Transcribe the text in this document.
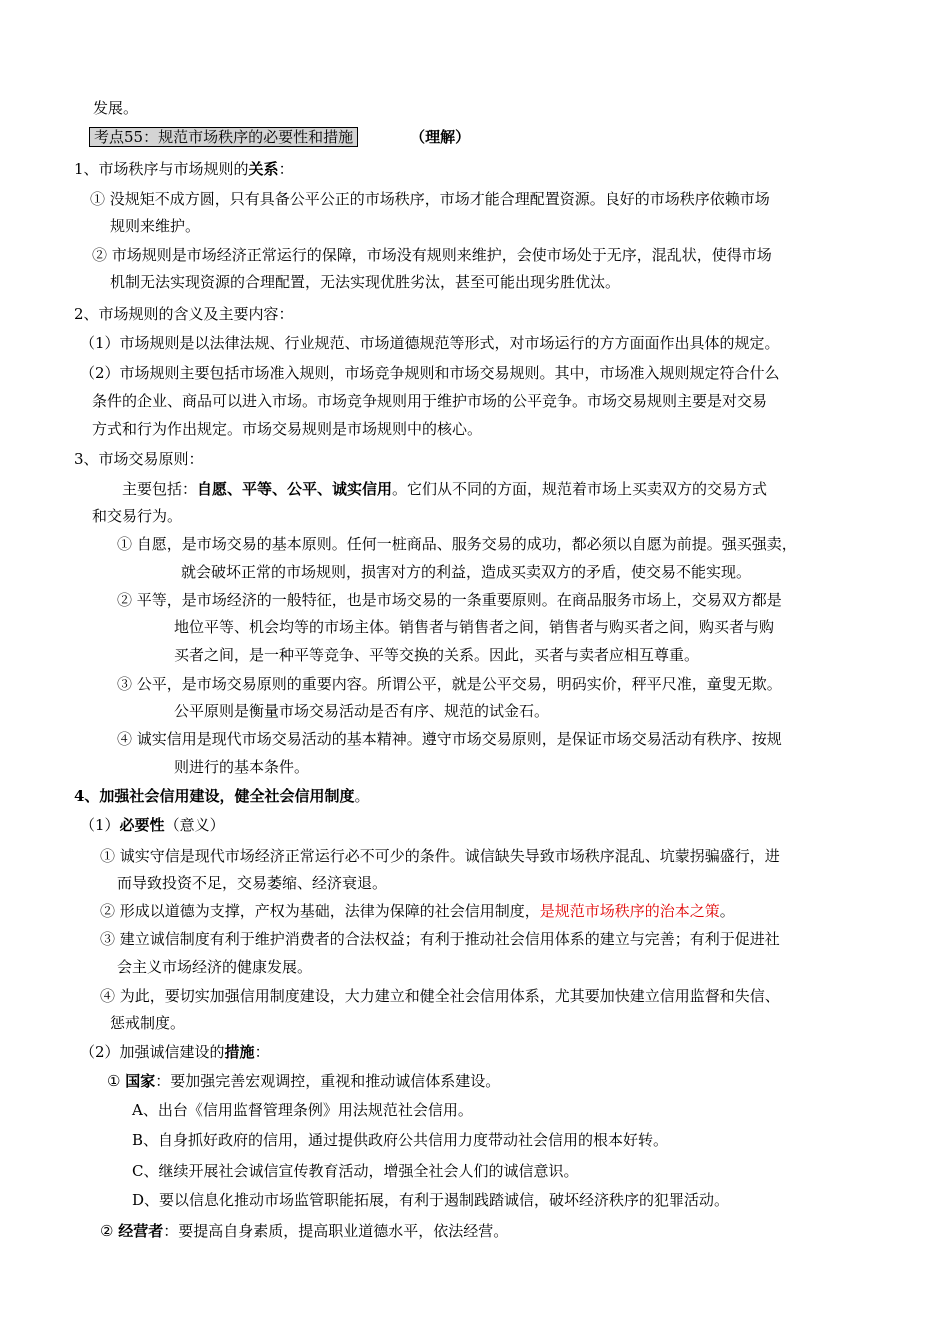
发展。
考点55：规范市场秩序的必要性和措施	（理解）
1、市场秩序与市场规则的关系：
① 没规矩不成方圆，只有具备公平公正的市场秩序，市场才能合理配置资源。良好的市场秩序依赖市场
规则来维护。
② 市场规则是市场经济正常运行的保障，市场没有规则来维护，会使市场处于无序，混乱状，使得市场
机制无法实现资源的合理配置，无法实现优胜劣汰，甚至可能出现劣胜优汰。
2、市场规则的含义及主要内容：
（1）市场规则是以法律法规、行业规范、市场道德规范等形式，对市场运行的方方面面作出具体的规定。
（2）市场规则主要包括市场准入规则，市场竞争规则和市场交易规则。其中，市场准入规则规定符合什么
条件的企业、商品可以进入市场。市场竞争规则用于维护市场的公平竞争。市场交易规则主要是对交易
方式和行为作出规定。市场交易规则是市场规则中的核心。
3、市场交易原则：
主要包括：自愿、平等、公平、诚实信用。它们从不同的方面，规范着市场上买卖双方的交易方式
和交易行为。
① 自愿，是市场交易的基本原则。任何一桩商品、服务交易的成功，都必须以自愿为前提。强买强卖，
就会破坏正常的市场规则，损害对方的利益，造成买卖双方的矛盾，使交易不能实现。
② 平等，是市场经济的一般特征，也是市场交易的一条重要原则。在商品服务市场上，交易双方都是
地位平等、机会均等的市场主体。销售者与销售者之间，销售者与购买者之间，购买者与购
买者之间，是一种平等竞争、平等交换的关系。因此，买者与卖者应相互尊重。
③ 公平，是市场交易原则的重要内容。所谓公平，就是公平交易，明码实价，秤平尺准，童叟无欺。
公平原则是衡量市场交易活动是否有序、规范的试金石。
④ 诚实信用是现代市场交易活动的基本精神。遵守市场交易原则，是保证市场交易活动有秩序、按规
则进行的基本条件。
4、加强社会信用建设，健全社会信用制度。
（1）必要性（意义）
① 诚实守信是现代市场经济正常运行必不可少的条件。诚信缺失导致市场秩序混乱、坑蒙拐骗盛行，进
而导致投资不足，交易萎缩、经济衰退。
② 形成以道德为支撑，产权为基础，法律为保障的社会信用制度，是规范市场秩序的治本之策。
③ 建立诚信制度有利于维护消费者的合法权益；有利于推动社会信用体系的建立与完善；有利于促进社
会主义市场经济的健康发展。
④ 为此，要切实加强信用制度建设，大力建立和健全社会信用体系，尤其要加快建立信用监督和失信、
惩戒制度。
（2）加强诚信建设的措施：
① 国家：要加强完善宏观调控，重视和推动诚信体系建设。
A、出台《信用监督管理条例》用法规范社会信用。
B、自身抓好政府的信用，通过提供政府公共信用力度带动社会信用的根本好转。
C、继续开展社会诚信宣传教育活动，增强全社会人们的诚信意识。
D、要以信息化推动市场监管职能拓展，有利于遏制践踏诚信，破坏经济秩序的犯罪活动。
② 经营者：要提高自身素质，提高职业道德水平，依法经营。
